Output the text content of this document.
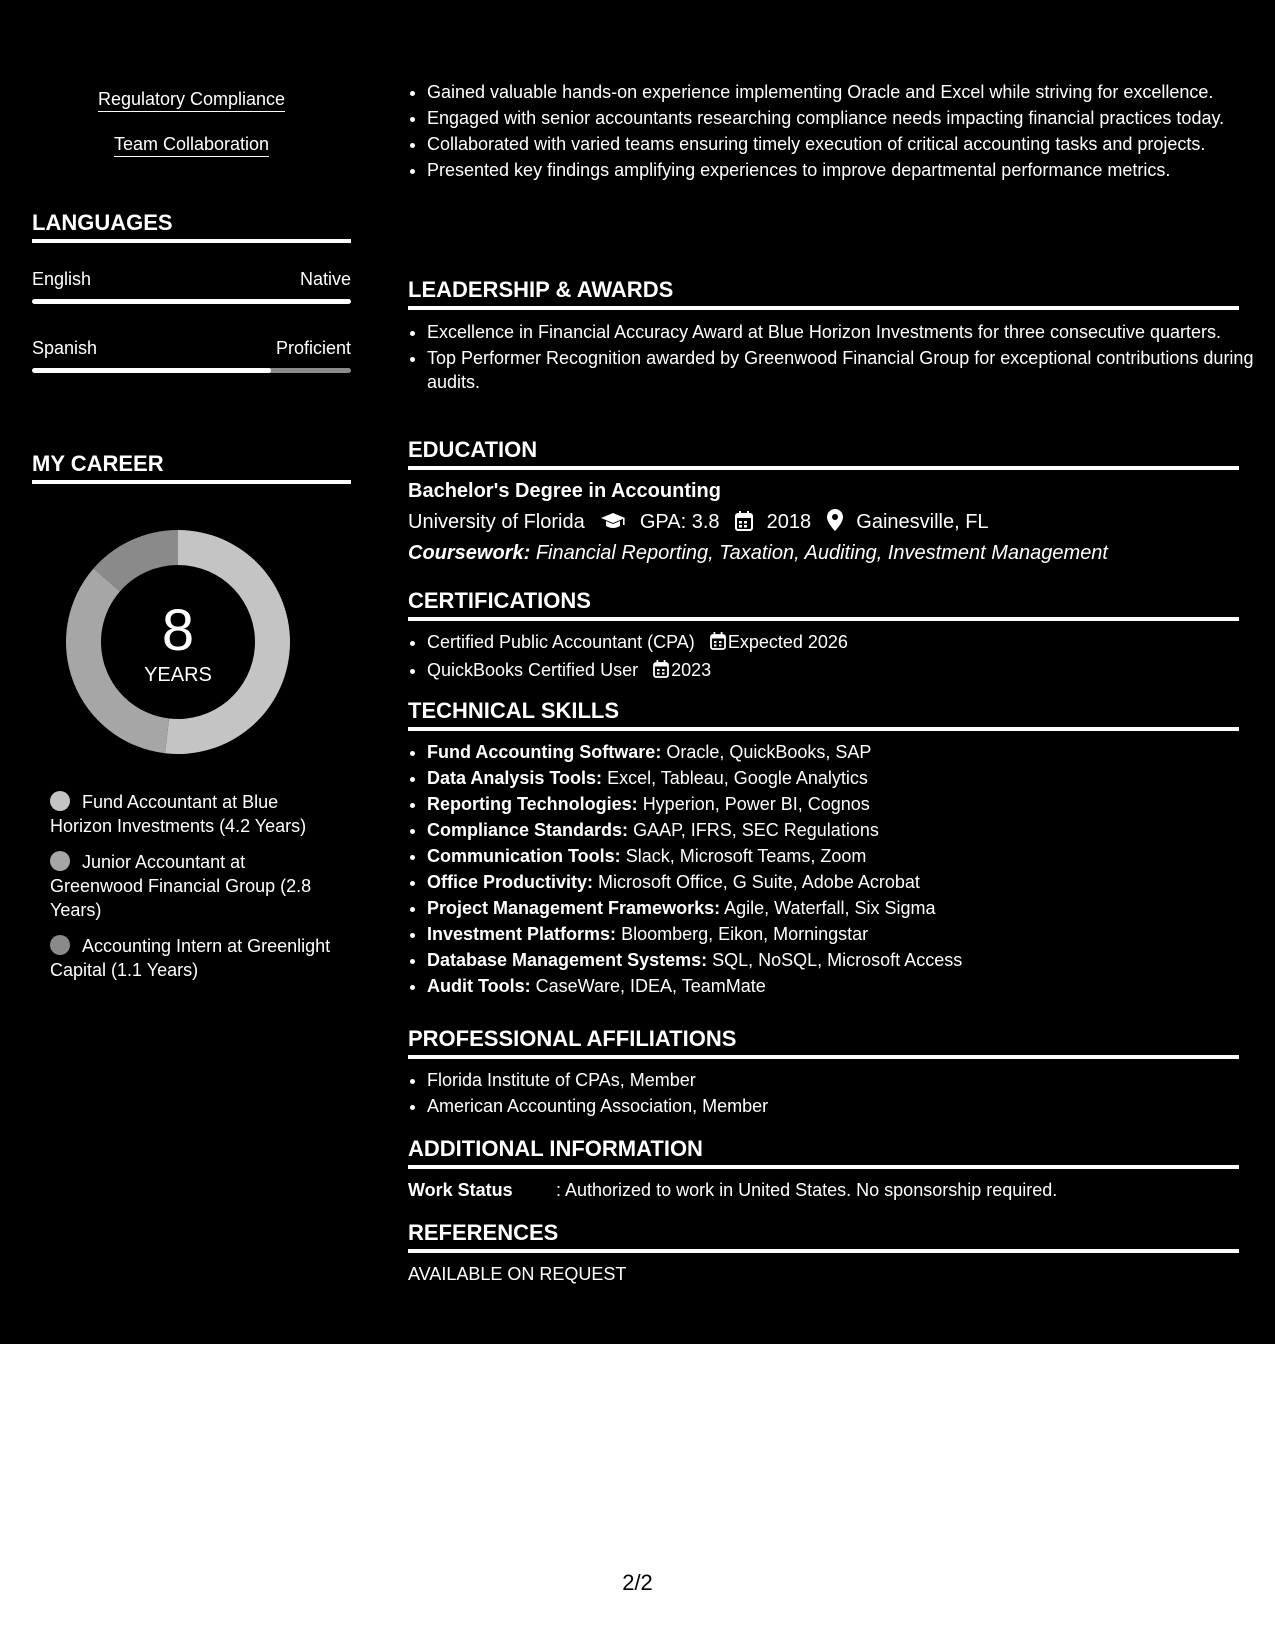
Regulatory Compliance
Team Collaboration
LANGUAGES
English	Native
Spanish	Proficient
MY CAREER
8
YEARS
Fund Accountant at Blue Horizon Investments (4.2 Years)
Junior Accountant at Greenwood Financial Group (2.8 Years)
Accounting Intern at Greenlight Capital (1.1 Years)
• Gained valuable hands-on experience implementing Oracle and Excel while striving for excellence.
• Engaged with senior accountants researching compliance needs impacting financial practices today.
• Collaborated with varied teams ensuring timely execution of critical accounting tasks and projects.
• Presented key findings amplifying experiences to improve departmental performance metrics.
LEADERSHIP & AWARDS
• Excellence in Financial Accuracy Award at Blue Horizon Investments for three consecutive quarters.
• Top Performer Recognition awarded by Greenwood Financial Group for exceptional contributions during audits.
EDUCATION
Bachelor's Degree in Accounting
University of Florida	GPA: 3.8 2018 Gainesville, FL
Coursework: Financial Reporting, Taxation, Auditing, Investment Management
CERTIFICATIONS
• Certified Public Accountant (CPA) Expected 2026
• QuickBooks Certified User 2023
TECHNICAL SKILLS
• Fund Accounting Software: Oracle, QuickBooks, SAP
• Data Analysis Tools: Excel, Tableau, Google Analytics
• Reporting Technologies: Hyperion, Power BI, Cognos
• Compliance Standards: GAAP, IFRS, SEC Regulations
• Communication Tools: Slack, Microsoft Teams, Zoom
• Office Productivity: Microsoft Office, G Suite, Adobe Acrobat
• Project Management Frameworks: Agile, Waterfall, Six Sigma
• Investment Platforms: Bloomberg, Eikon, Morningstar
• Database Management Systems: SQL, NoSQL, Microsoft Access
• Audit Tools: CaseWare, IDEA, TeamMate
PROFESSIONAL AFFILIATIONS
• Florida Institute of CPAs, Member
• American Accounting Association, Member
ADDITIONAL INFORMATION
Work Status : Authorized to work in United States. No sponsorship required.
REFERENCES
AVAILABLE ON REQUEST
2/2
